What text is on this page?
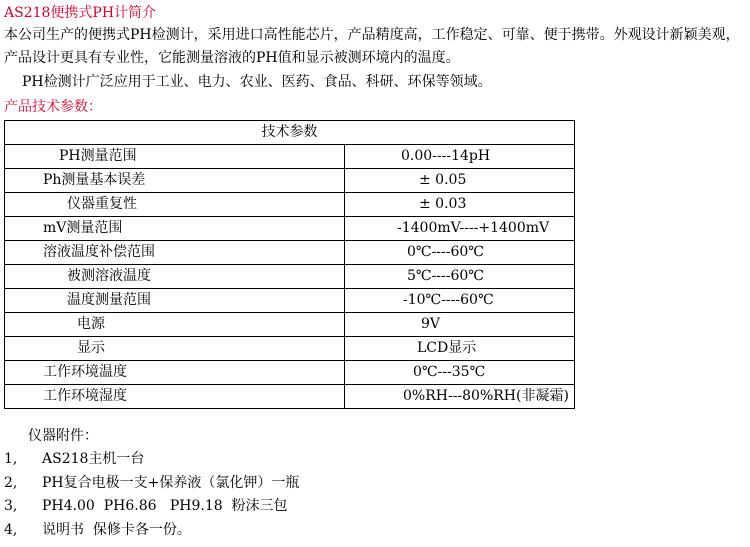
AS218便携式PH计简介
本公司生产的便携式PH检测计，采用进口高性能芯片，产品精度高，工作稳定、可靠、便于携带。外观设计新颖美观，产品设计更具有专业性，它能测量溶液的PH值和显示被测环境内的温度。
PH检测计广泛应用于工业、电力、农业、医药、食品、科研、环保等领域。
产品技术参数：
技术参数	
PH测量范围	0.00----14pH
Ph测量基本误差	± 0.05
仪器重复性	± 0.03
mV测量范围	-1400mV----+1400mV
溶液温度补偿范围	0℃----60℃
被测溶液温度	5℃----60℃
温度测量范围	-10℃----60℃
电源	9V
显示	LCD显示
工作环境温度	0℃---35℃
工作环境湿度	0%RH---80%RH(非凝霜)
仪器附件：
1, AS218主机一台
2, PH复合电极一支+保养液（氯化钾）一瓶
3, PH4.00  PH6.86   PH9.18  粉沫三包
4, 说明书  保修卡各一份。
